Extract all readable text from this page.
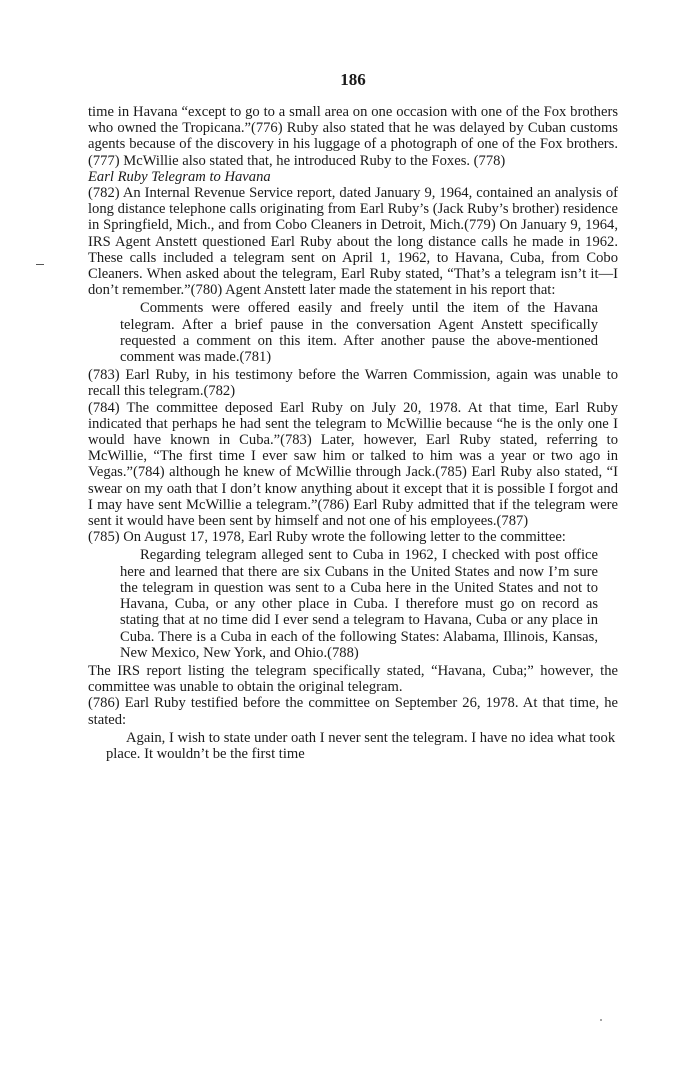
186

time in Havana “except to go to a small area on one occasion with one of the Fox brothers who owned the Tropicana.”(776) Ruby also stated that he was delayed by Cuban customs agents because of the discovery in his luggage of a photograph of one of the Fox brothers.(777) McWillie also stated that, he introduced Ruby to the Foxes. (778)

Earl Ruby Telegram to Havana

(782) An Internal Revenue Service report, dated January 9, 1964, contained an analysis of long distance telephone calls originating from Earl Ruby’s (Jack Ruby’s brother) residence in Springfield, Mich., and from Cobo Cleaners in Detroit, Mich.(779) On January 9, 1964, IRS Agent Anstett questioned Earl Ruby about the long distance calls he made in 1962. These calls included a telegram sent on April 1, 1962, to Havana, Cuba, from Cobo Cleaners. When asked about the telegram, Earl Ruby stated, “That’s a telegram isn’t it—I don’t remember.”(780) Agent Anstett later made the statement in his report that:

Comments were offered easily and freely until the item of the Havana telegram. After a brief pause in the conversation Agent Anstett specifically requested a comment on this item. After another pause the above-mentioned comment was made.(781)

(783) Earl Ruby, in his testimony before the Warren Commission, again was unable to recall this telegram.(782)

(784) The committee deposed Earl Ruby on July 20, 1978. At that time, Earl Ruby indicated that perhaps he had sent the telegram to McWillie because “he is the only one I would have known in Cuba.”(783) Later, however, Earl Ruby stated, referring to McWillie, “The first time I ever saw him or talked to him was a year or two ago in Vegas.”(784) although he knew of McWillie through Jack.(785) Earl Ruby also stated, “I swear on my oath that I don’t know anything about it except that it is possible I forgot and I may have sent McWillie a telegram.”(786) Earl Ruby admitted that if the telegram were sent it would have been sent by himself and not one of his employees.(787)

(785) On August 17, 1978, Earl Ruby wrote the following letter to the committee:

Regarding telegram alleged sent to Cuba in 1962, I checked with post office here and learned that there are six Cubans in the United States and now I’m sure the telegram in question was sent to a Cuba here in the United States and not to Havana, Cuba, or any other place in Cuba. I therefore must go on record as stating that at no time did I ever send a telegram to Havana, Cuba or any place in Cuba. There is a Cuba in each of the following States: Alabama, Illinois, Kansas, New Mexico, New York, and Ohio.(788)

The IRS report listing the telegram specifically stated, “Havana, Cuba;” however, the committee was unable to obtain the original telegram.

(786) Earl Ruby testified before the committee on September 26, 1978. At that time, he stated:

Again, I wish to state under oath I never sent the telegram. I have no idea what took place. It wouldn’t be the first time
